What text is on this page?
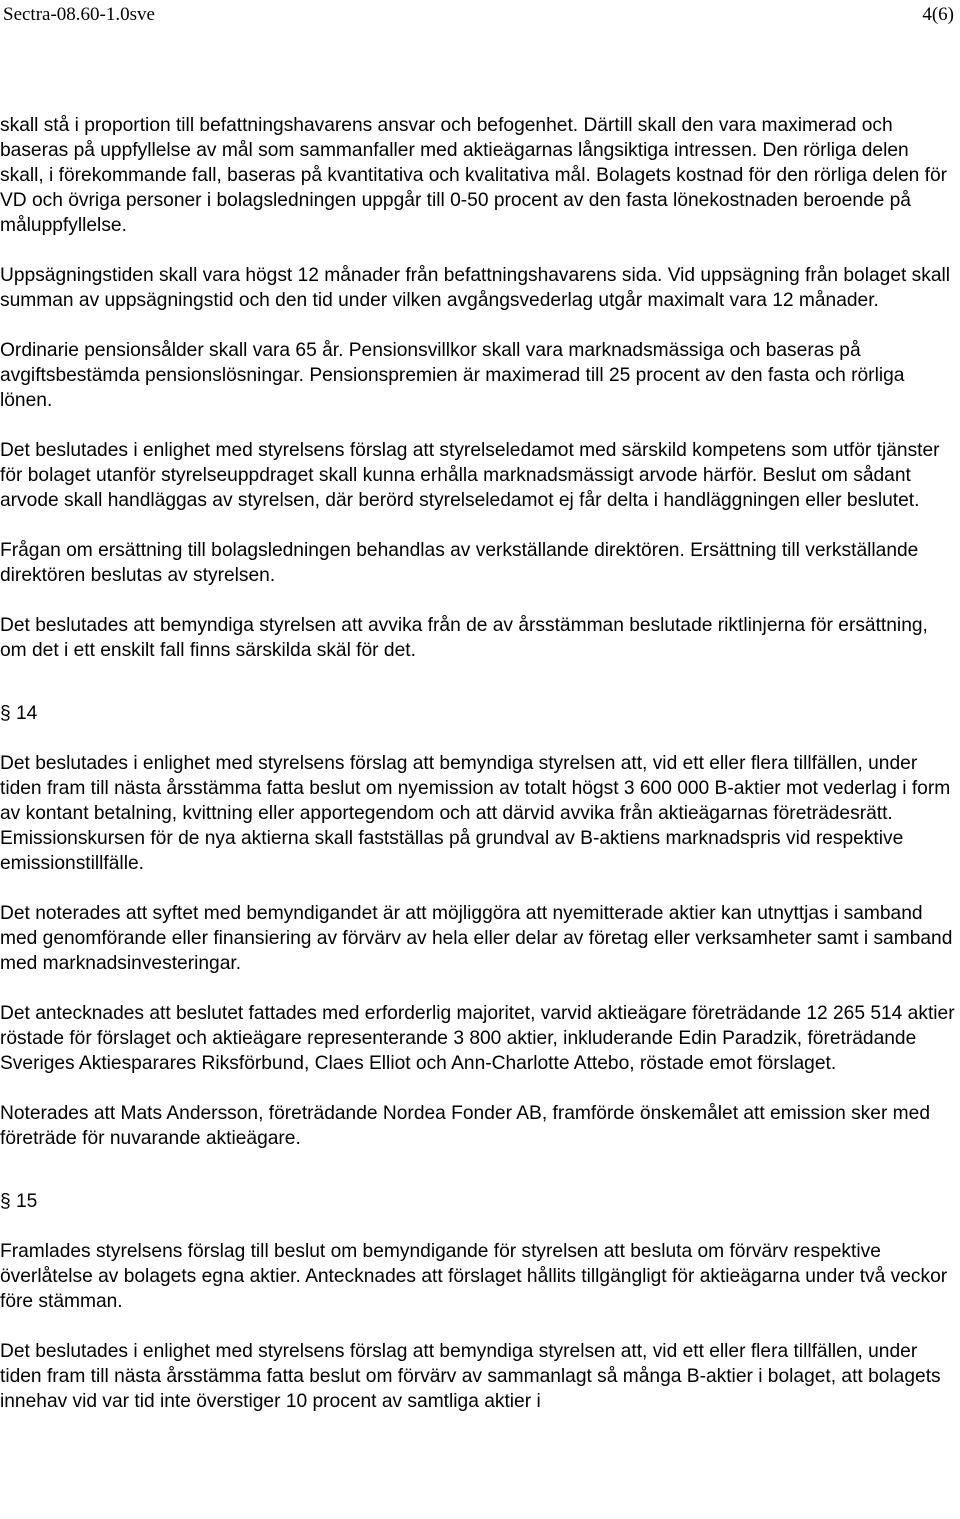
Sectra-08.60-1.0sve	4(6)

skall stå i proportion till befattningshavarens ansvar och befogenhet. Därtill skall den vara maximerad och baseras på uppfyllelse av mål som sammanfaller med aktieägarnas långsiktiga intressen. Den rörliga delen skall, i förekommande fall, baseras på kvantitativa och kvalitativa mål. Bolagets kostnad för den rörliga delen för VD och övriga personer i bolagsledningen uppgår till 0-50 procent av den fasta lönekostnaden beroende på måluppfyllelse.

Uppsägningstiden skall vara högst 12 månader från befattningshavarens sida. Vid uppsägning från bolaget skall summan av uppsägningstid och den tid under vilken avgångsvederlag utgår maximalt vara 12 månader.

Ordinarie pensionsålder skall vara 65 år. Pensionsvillkor skall vara marknadsmässiga och baseras på avgiftsbestämda pensionslösningar. Pensionspremien är maximerad till 25 procent av den fasta och rörliga lönen.

Det beslutades i enlighet med styrelsens förslag att styrelseledamot med särskild kompetens som utför tjänster för bolaget utanför styrelseuppdraget skall kunna erhålla marknadsmässigt arvode härför. Beslut om sådant arvode skall handläggas av styrelsen, där berörd styrelseledamot ej får delta i handläggningen eller beslutet.

Frågan om ersättning till bolagsledningen behandlas av verkställande direktören. Ersättning till verkställande direktören beslutas av styrelsen.

Det beslutades att bemyndiga styrelsen att avvika från de av årsstämman beslutade riktlinjerna för ersättning, om det i ett enskilt fall finns särskilda skäl för det.

§ 14

Det beslutades i enlighet med styrelsens förslag att bemyndiga styrelsen att, vid ett eller flera tillfällen, under tiden fram till nästa årsstämma fatta beslut om nyemission av totalt högst 3 600 000 B-aktier mot vederlag i form av kontant betalning, kvittning eller apportegendom och att därvid avvika från aktieägarnas företrädesrätt. Emissionskursen för de nya aktierna skall fastställas på grundval av B-aktiens marknadspris vid respektive emissionstillfälle.

Det noterades att syftet med bemyndigandet är att möjliggöra att nyemitterade aktier kan utnyttjas i samband med genomförande eller finansiering av förvärv av hela eller delar av företag eller verksamheter samt i samband med marknadsinvesteringar.

Det antecknades att beslutet fattades med erforderlig majoritet, varvid aktieägare företrädande 12 265 514 aktier röstade för förslaget och aktieägare representerande 3 800 aktier, inkluderande Edin Paradzik, företrädande Sveriges Aktiesparares Riksförbund, Claes Elliot och Ann-Charlotte Attebo, röstade emot förslaget.

Noterades att Mats Andersson, företrädande Nordea Fonder AB, framförde önskemålet att emission sker med företräde för nuvarande aktieägare.

§ 15

Framlades styrelsens förslag till beslut om bemyndigande för styrelsen att besluta om förvärv respektive överlåtelse av bolagets egna aktier. Antecknades att förslaget hållits tillgängligt för aktieägarna under två veckor före stämman.

Det beslutades i enlighet med styrelsens förslag att bemyndiga styrelsen att, vid ett eller flera tillfällen, under tiden fram till nästa årsstämma fatta beslut om förvärv av sammanlagt så många B-aktier i bolaget, att bolagets innehav vid var tid inte överstiger 10 procent av samtliga aktier i
